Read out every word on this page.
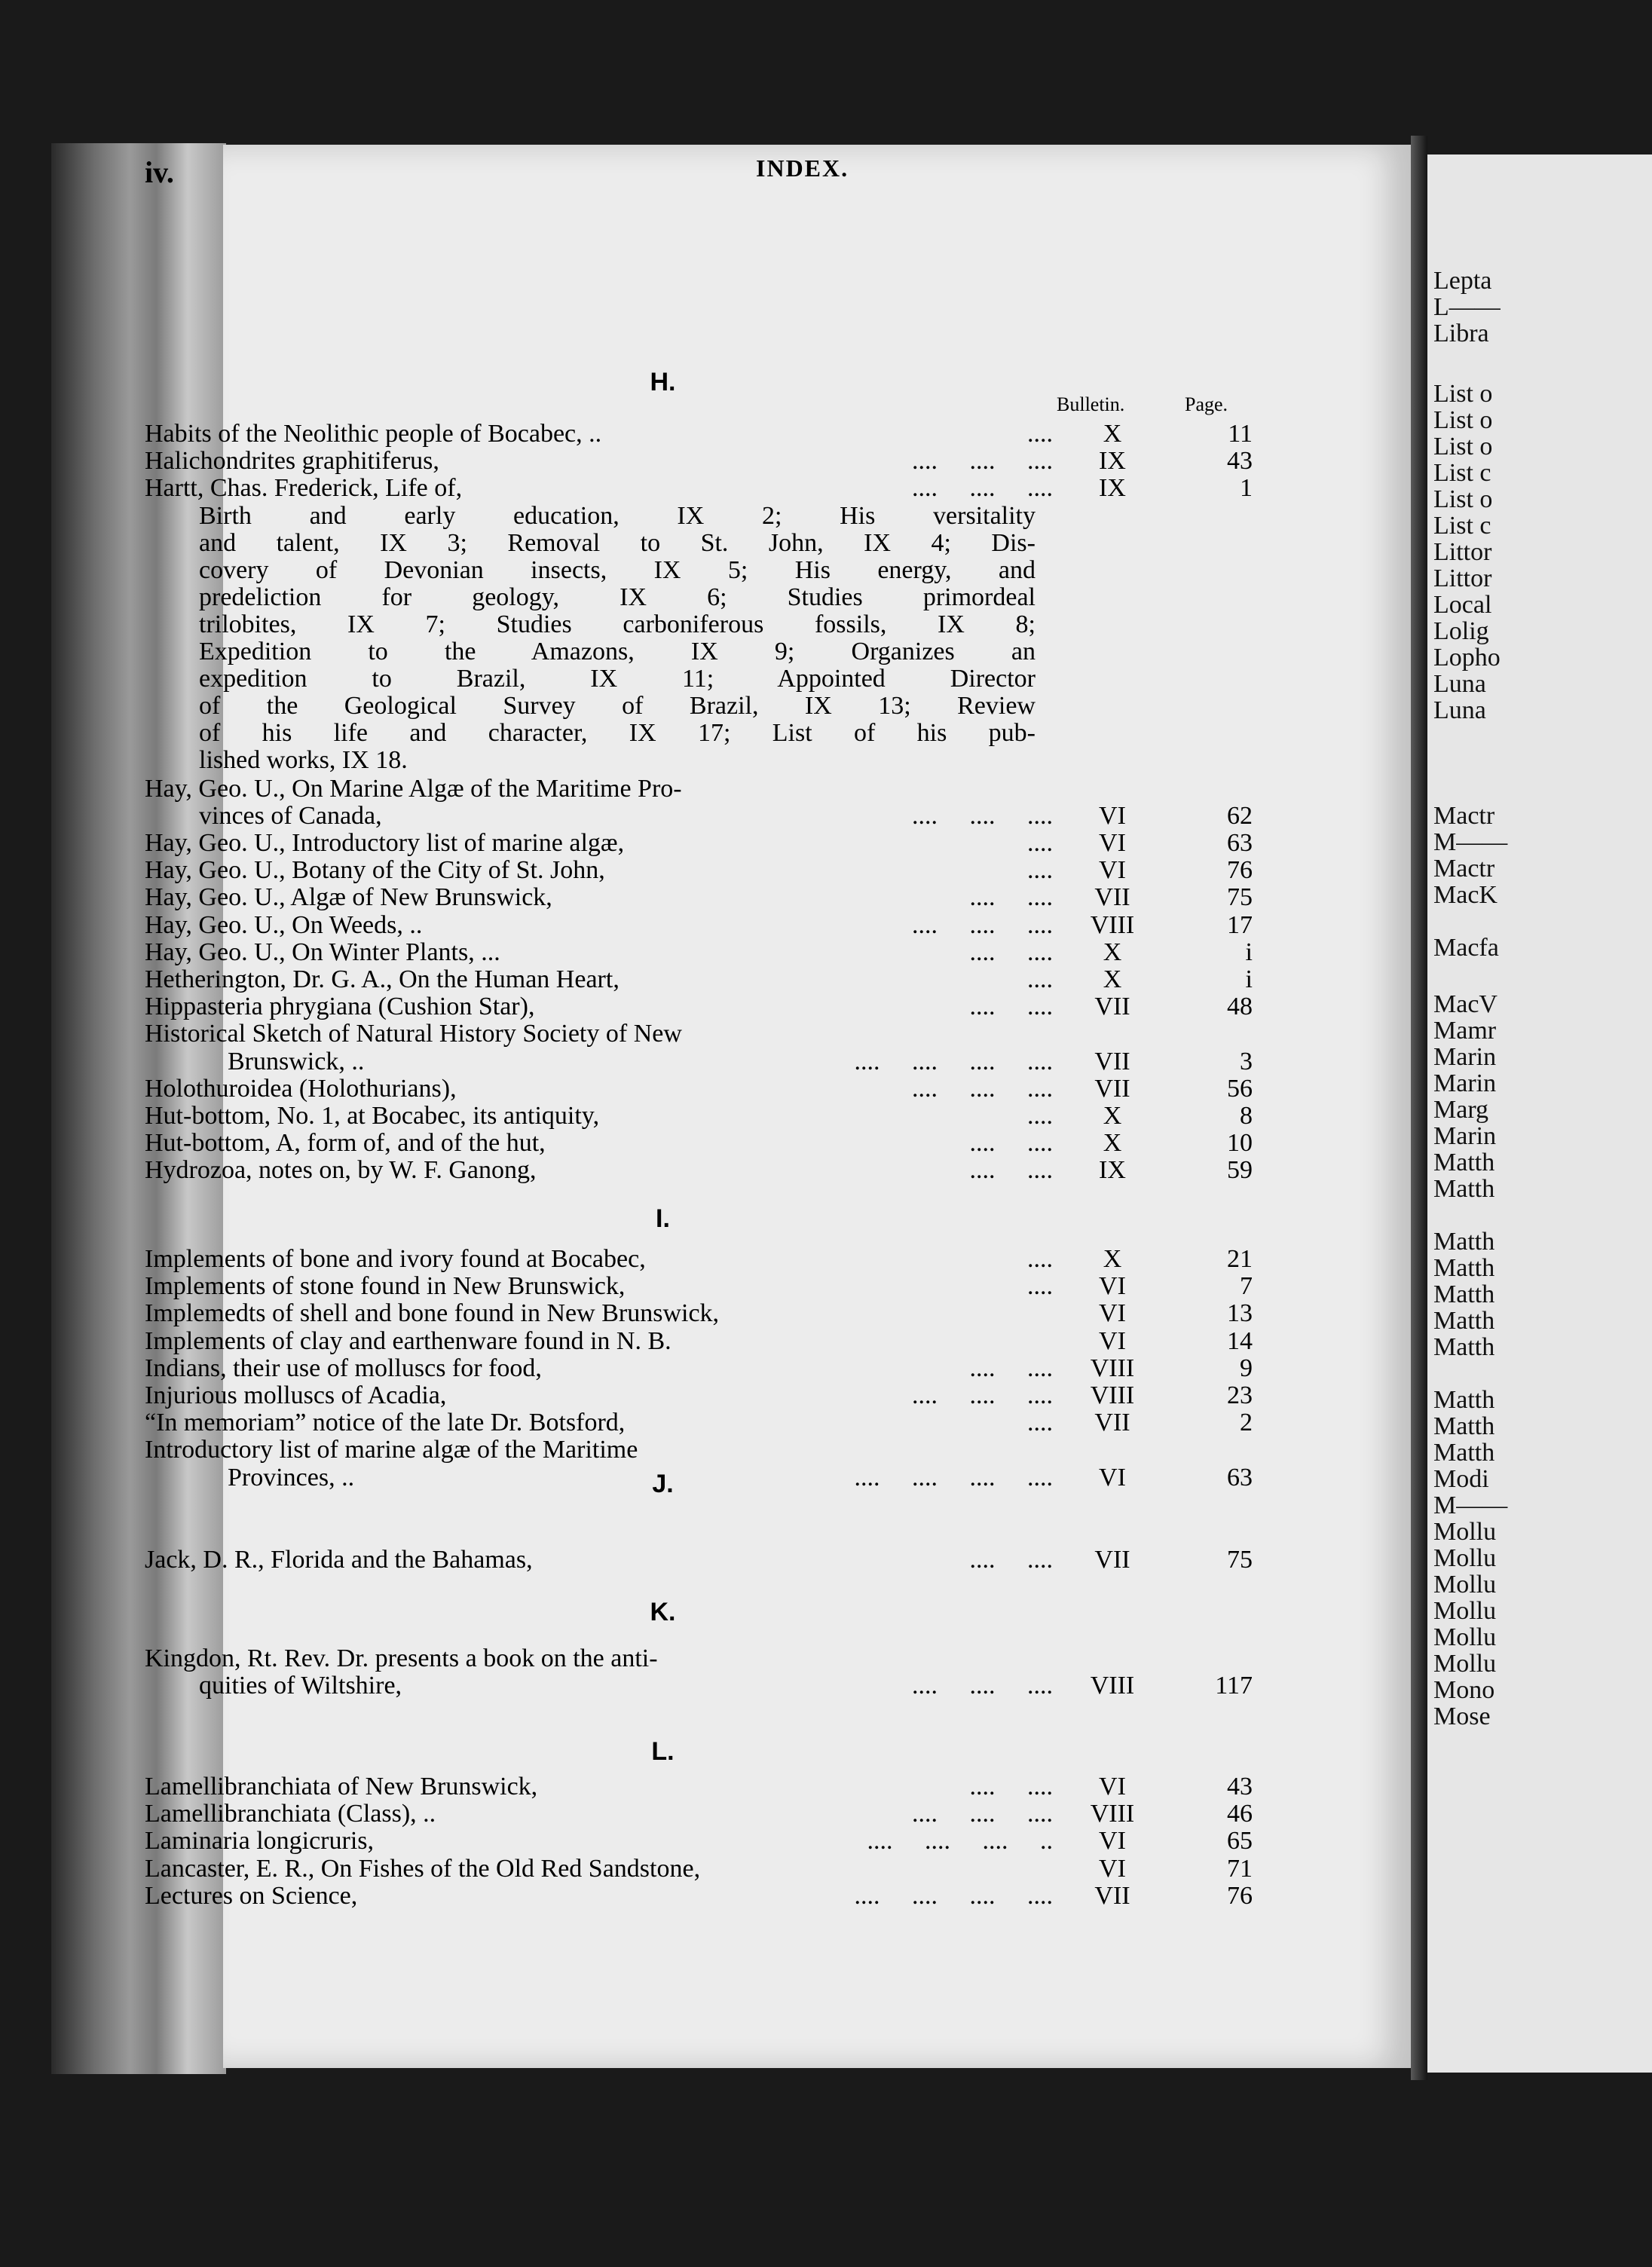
Lepta
L——
Libra
List o
List o
List o
List c
List o
List c
Littor
Littor
Local
Lolig
Lopho
Luna
Luna
Mactr
M——
Mactr
MacK
Macfa
MacV
Mamr
Marin
Marin
Marg
Marin
Matth
Matth
Matth
Matth
Matth
Matth
Matth
Matth
Matth
Matth
Modi
M——
Mollu
Mollu
Mollu
Mollu
Mollu
Mollu
Mono
Mose
iv.	INDEX.
Bulletin.	Page.
H.
Habits of the Neolithic people of Bocabec, ..	....	X	11
Halichondrites graphitiferus,	....     ....     ....	IX	43
Hartt, Chas. Frederick, Life of,	....     ....     ....	IX	1
Birth and early education, IX 2; His versitality
and talent, IX 3; Removal to St. John, IX 4; Dis-
covery of Devonian insects, IX 5; His energy, and
predeliction for geology, IX 6; Studies primordeal
trilobites, IX 7; Studies carboniferous fossils, IX 8;
Expedition to the Amazons, IX 9; Organizes an
expedition to Brazil, IX 11; Appointed Director
of the Geological Survey of Brazil, IX 13; Review
of his life and character, IX 17; List of his pub-
lished works, IX 18.
Hay, Geo. U., On Marine Algæ of the Maritime Pro-
vinces of Canada,	....     ....     ....	VI	62
Hay, Geo. U., Introductory list of marine algæ,	....	VI	63
Hay, Geo. U., Botany of the City of St. John,	....	VI	76
Hay, Geo. U., Algæ of New Brunswick,	....     ....	VII	75
Hay, Geo. U., On Weeds, ..	....     ....     ....	VIII	17
Hay, Geo. U., On Winter Plants, ...	....     ....	X	i
Hetherington, Dr. G. A., On the Human Heart,	....	X	i
Hippasteria phrygiana (Cushion Star),	....     ....	VII	48
Historical Sketch of Natural History Society of New
Brunswick, ..	....     ....     ....     ....	VII	3
Holothuroidea (Holothurians),	....     ....     ....	VII	56
Hut-bottom, No. 1, at Bocabec, its antiquity,	....	X	8
Hut-bottom, A, form of, and of the hut,	....     ....	X	10
Hydrozoa, notes on, by W. F. Ganong,	....     ....	IX	59
I.
Implements of bone and ivory found at Bocabec,	....	X	21
Implements of stone found in New Brunswick,	....	VI	7
Implemedts of shell and bone found in New Brunswick,	VI	13
Implements of clay and earthenware found in N. B.	VI	14
Indians, their use of molluscs for food,	....     ....	VIII	9
Injurious molluscs of Acadia,	....     ....     ....	VIII	23
“In memoriam” notice of the late Dr. Botsford,	....	VII	2
Introductory list of marine algæ of the Maritime
Provinces, ..	....     ....     ....     ....	VI	63
J.
Jack, D. R., Florida and the Bahamas,	....     ....	VII	75
K.
Kingdon, Rt. Rev. Dr. presents a book on the anti-
quities of Wiltshire,	....     ....     ....	VIII	117
L.
Lamellibranchiata of New Brunswick,	....     ....	VI	43
Lamellibranchiata (Class), ..	....     ....     ....	VIII	46
Laminaria longicruris,	....     ....     ....     ..	VI	65
Lancaster, E. R., On Fishes of the Old Red Sandstone,	VI	71
Lectures on Science,	....     ....     ....     ....	VII	76
